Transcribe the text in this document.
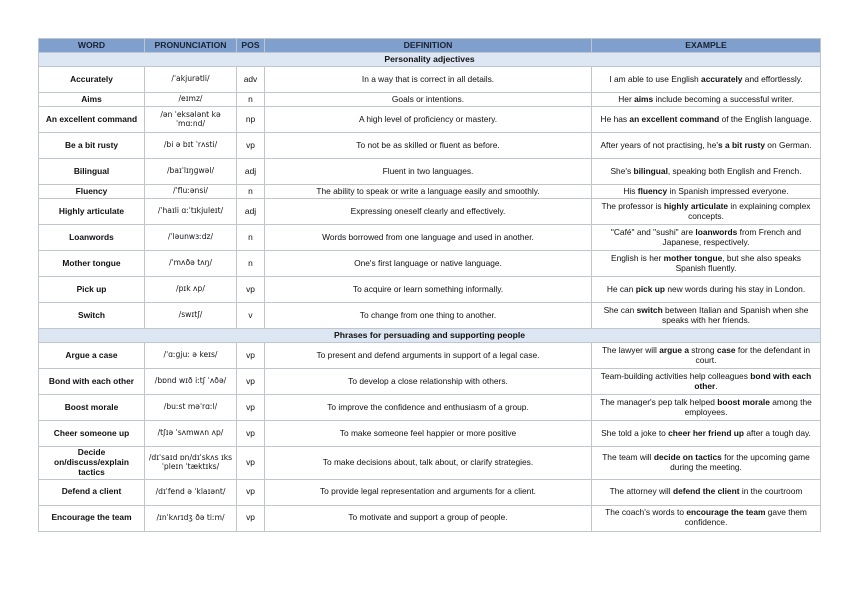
WORD	PRONUNCIATION	POS	DEFINITION	EXAMPLE
Personality adjectives				
Accurately	/ˈakjurətli/	adv	In a way that is correct in all details.	I am able to use English accurately and effortlessly.
Aims	/eɪmz/	n	Goals or intentions.	Her aims include becoming a successful writer.
An excellent command	/ən ˈeksələnt kəˈmɑːnd/	np	A high level of proficiency or mastery.	He has an excellent command of the English language.
Be a bit rusty	/bi ə bɪt ˈrʌsti/	vp	To not be as skilled or fluent as before.	After years of not practising, he's a bit rusty on German.
Bilingual	/baɪˈlɪŋɡwəl/	adj	Fluent in two languages.	She's bilingual, speaking both English and French.
Fluency	/ˈfluːənsi/	n	The ability to speak or write a language easily and smoothly.	His fluency in Spanish impressed everyone.
Highly articulate	/ˈhaɪli ɑːˈtɪkjuleɪt/	adj	Expressing oneself clearly and effectively.	The professor is highly articulate in explaining complex concepts.
Loanwords	/ˈləunwɜːdz/	n	Words borrowed from one language and used in another.	"Café" and "sushi" are loanwords from French and Japanese, respectively.
Mother tongue	/ˈmʌðə tʌŋ/	n	One's first language or native language.	English is her mother tongue, but she also speaks Spanish fluently.
Pick up	/pɪk ʌp/	vp	To acquire or learn something informally.	He can pick up new words during his stay in London.
Switch	/swɪtʃ/	v	To change from one thing to another.	She can switch between Italian and Spanish when she speaks with her friends.
Phrases for persuading and supporting people				
Argue a case	/ˈɑːɡjuː ə keɪs/	vp	To present and defend arguments in support of a legal case.	The lawyer will argue a strong case for the defendant in court.
Bond with each other	/bɒnd wɪð iːtʃ ˈʌðə/	vp	To develop a close relationship with others.	Team-building activities help colleagues bond with each other.
Boost morale	/buːst məˈrɑːl/	vp	To improve the confidence and enthusiasm of a group.	The manager's pep talk helped boost morale among the employees.
Cheer someone up	/tʃɪə ˈsʌmwʌn ʌp/	vp	To make someone feel happier or more positive	She told a joke to cheer her friend up after a tough day.
Decide on/discuss/explain tactics	/dɪˈsaɪd ɒn/dɪˈskʌs ɪksˈpleɪn ˈtæktɪks/	vp	To make decisions about, talk about, or clarify strategies.	The team will decide on tactics for the upcoming game during the meeting.
Defend a client	/dɪˈfend ə ˈklaɪənt/	vp	To provide legal representation and arguments for a client.	The attorney will defend the client in the courtroom
Encourage the team	/ɪnˈkʌrɪdʒ ðə tiːm/	vp	To motivate and support a group of people.	The coach's words to encourage the team gave them confidence.
